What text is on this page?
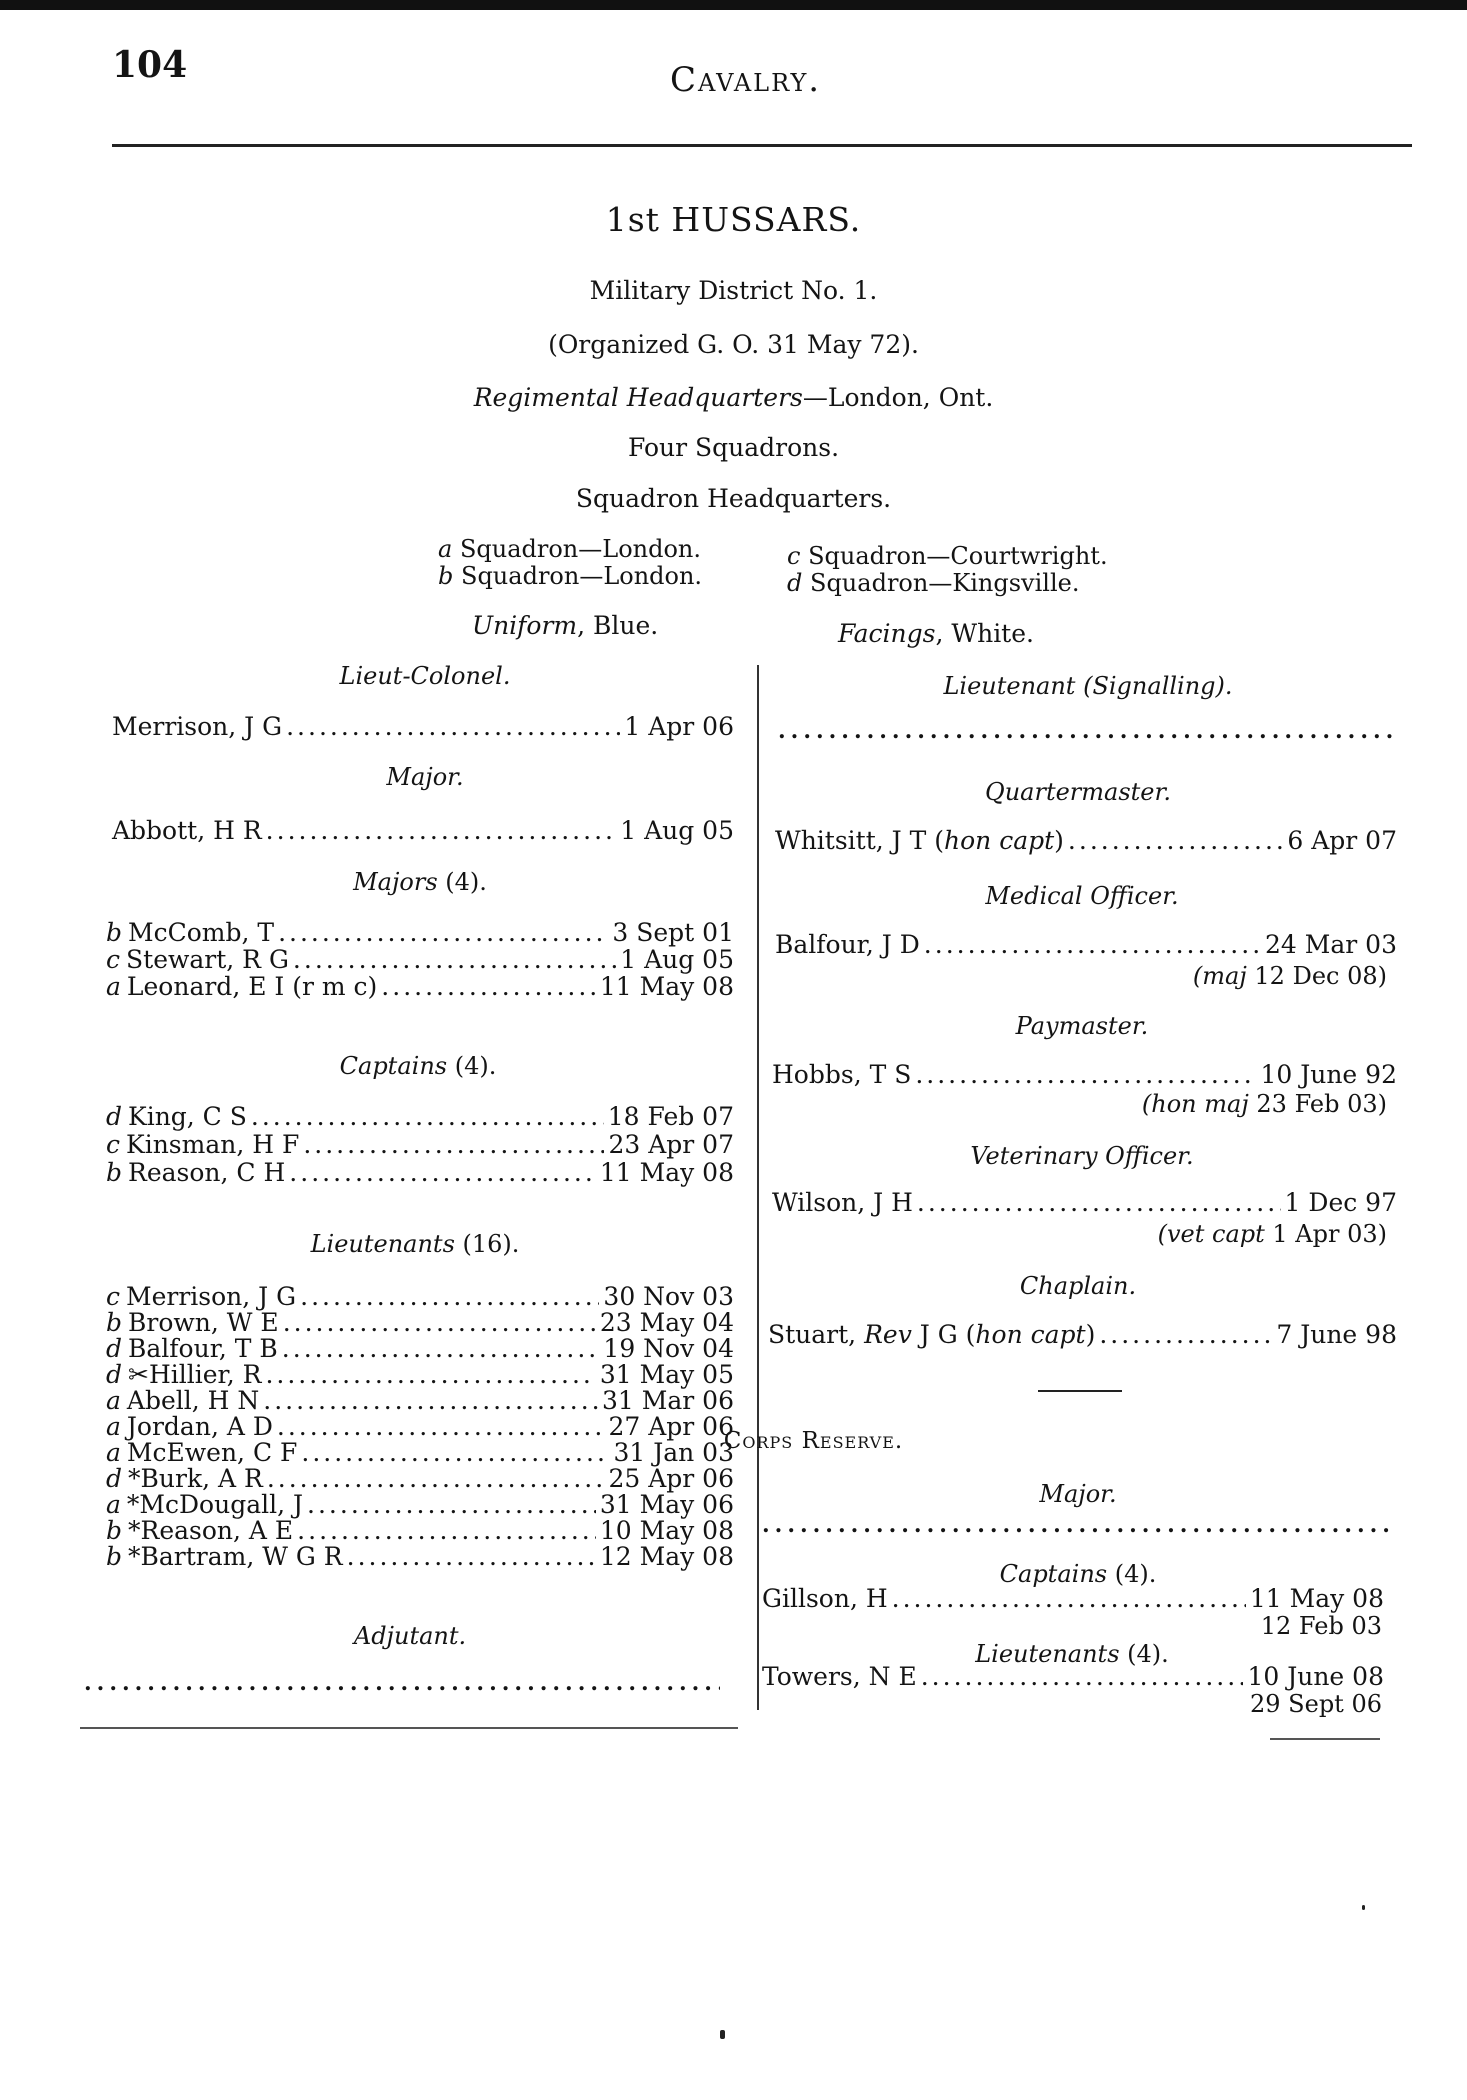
104	Cavalry.
1st HUSSARS.
Military District No. 1.
(Organized G. O. 31 May 72).
Regimental Headquarters—London, Ont.
Four Squadrons.
Squadron Headquarters.
a Squadron—London.
b Squadron—London.
c Squadron—Courtwright.
d Squadron—Kingsville.
Uniform, Blue.	Facings, White.
Lieut-Colonel.
Merrison, J G .....	1 Apr 06
Major.
Abbott, H R .....	1 Aug 05
Majors (4).
b McComb, T .....	3 Sept 01
c Stewart, R G .....	1 Aug 05
a Leonard, E I (r m c) .....	11 May 08
Captains (4).
d King, C S .....	18 Feb 07
c Kinsman, H F .....	23 Apr 07
b Reason, C H .....	11 May 08
Lieutenants (16).
c Merrison, J G .....	30 Nov 03
b Brown, W E .....	23 May 04
d Balfour, T B .....	19 Nov 04
d ✂Hillier, R .....	31 May 05
a Abell, H N .....	31 Mar 06
a Jordan, A D .....	27 Apr 06
a McEwen, C F .....	31 Jan 03
d *Burk, A R .....	25 Apr 06
a *McDougall, J .....	31 May 06
b *Reason, A E .....	10 May 08
b *Bartram, W G R .....	12 May 08
Adjutant.
.....
Lieutenant (Signalling).
.....
Quartermaster.
Whitsitt, J T (hon capt) .....	6 Apr 07
Medical Officer.
Balfour, J D .....	24 Mar 03
(maj 12 Dec 08)
Paymaster.
Hobbs, T S .....	10 June 92
(hon maj 23 Feb 03)
Veterinary Officer.
Wilson, J H .....	1 Dec 97
(vet capt 1 Apr 03)
Chaplain.
Stuart, Rev J G (hon capt) .....	7 June 98
Corps Reserve.
Major.
.....
Captains (4).
Gillson, H .....	11 May 08
12 Feb 03
Lieutenants (4).
Towers, N E .....	10 June 08
29 Sept 06
